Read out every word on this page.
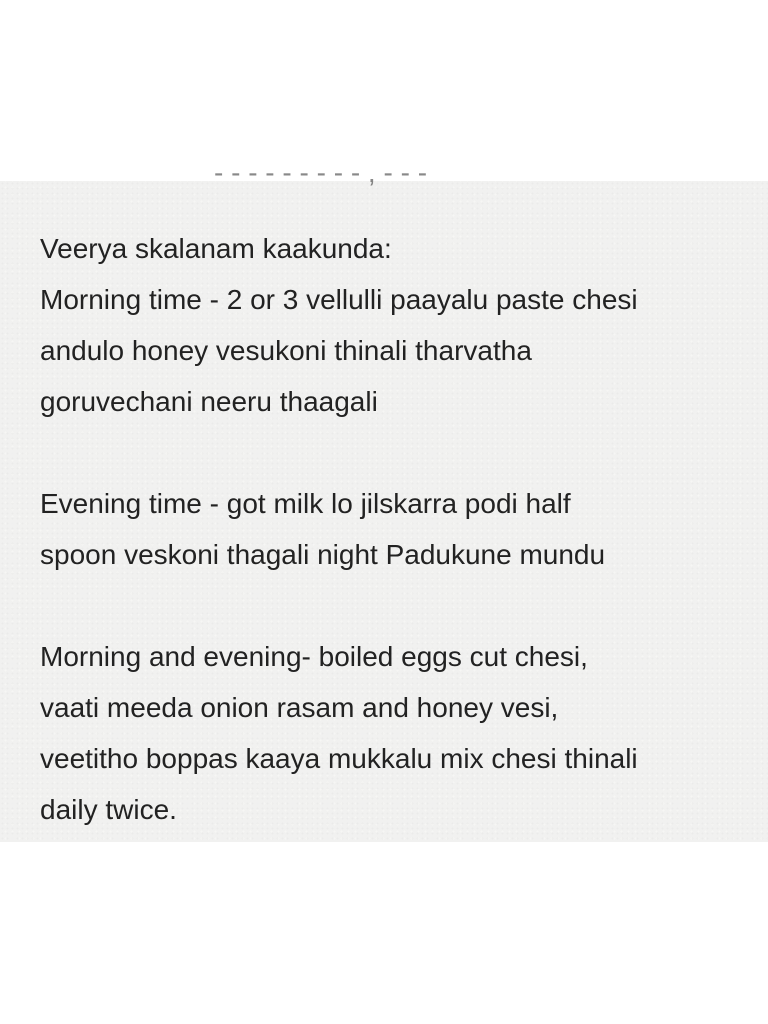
- - - - - - - - - , - - -
Veerya skalanam kaakunda:
Morning time - 2 or 3 vellulli paayalu paste chesi
andulo honey vesukoni thinali tharvatha
goruvechani neeru thaagali
Evening time - got milk lo jilskarra podi half
spoon veskoni thagali night Padukune mundu
Morning and evening- boiled eggs cut chesi,
vaati meeda onion rasam and honey vesi,
veetitho boppas kaaya mukkalu mix chesi thinali
daily twice.
